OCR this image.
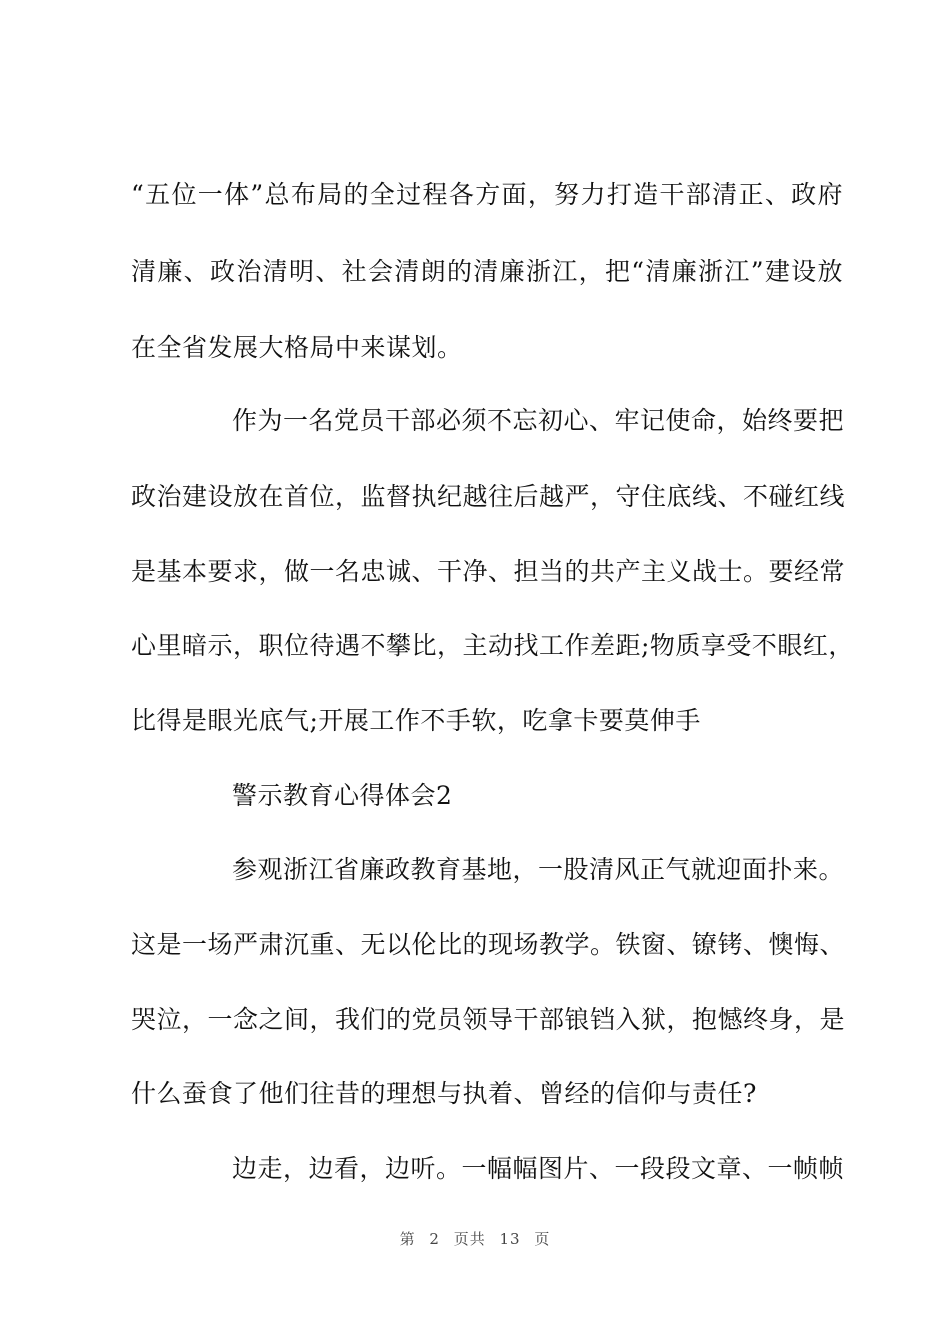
“五位一体”总布局的全过程各方面，努力打造干部清正、政府
清廉、政治清明、社会清朗的清廉浙江，把“清廉浙江”建设放
在全省发展大格局中来谋划。
作为一名党员干部必须不忘初心、牢记使命，始终要把
政治建设放在首位，监督执纪越往后越严，守住底线、不碰红线
是基本要求，做一名忠诚、干净、担当的共产主义战士。要经常
心里暗示，职位待遇不攀比，主动找工作差距;物质享受不眼红，
比得是眼光底气;开展工作不手软，吃拿卡要莫伸手
警示教育心得体会2
参观浙江省廉政教育基地，一股清风正气就迎面扑来。
这是一场严肃沉重、无以伦比的现场教学。铁窗、镣铐、懊悔、
哭泣，一念之间，我们的党员领导干部锒铛入狱，抱憾终身，是
什么蚕食了他们往昔的理想与执着、曾经的信仰与责任?
边走，边看，边听。一幅幅图片、一段段文章、一帧帧
第 2 页共 13 页
